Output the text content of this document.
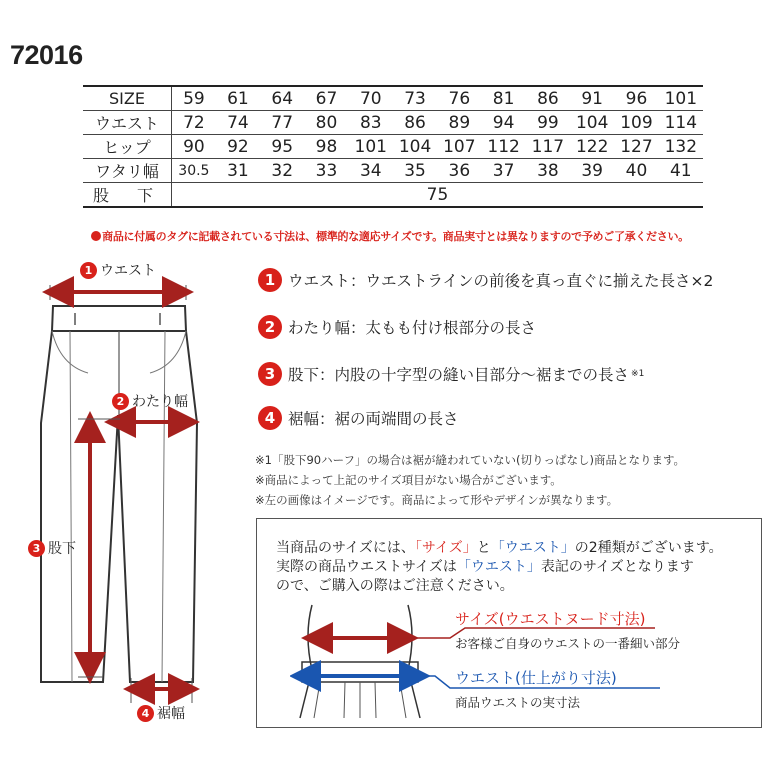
72016
SIZE	59	61	64	67	70	73	76	81	86	91	96	101
ウエスト	72	74	77	80	83	86	89	94	99	104	109	114
ヒップ	90	92	95	98	101	104	107	112	117	122	127	132
ワタリ幅	30.5	31	32	33	34	35	36	37	38	39	40	41
股　下	75											
商品に付属のタグに記載されている寸法は、標準的な適応サイズです。商品実寸とは異なりますので予めご了承ください。
1 ウエスト
2 わたり幅
3 股下
4 裾幅
1 ウエスト ：ウエストラインの前後を真っ直ぐに揃えた長さ×2
2 わたり幅 ：太もも付け根部分の長さ
3 股下 ：内股の十字型の縫い目部分～裾までの長さ ※1
4 裾幅 ：裾の両端間の長さ
※1「股下90ハーフ」の場合は裾が縫われていない(切りっぱなし)商品となります。
※商品によって上記のサイズ項目がない場合がございます。
※左の画像はイメージです。商品によって形やデザインが異なります。
当商品のサイズには、「サイズ」と「ウエスト」の2種類がございます。
実際の商品ウエストサイズは「ウエスト」表記のサイズとなります
ので、ご購入の際はご注意ください。
サイズ(ウエストヌード寸法)
お客様ご自身のウエストの一番細い部分
ウエスト(仕上がり寸法)
商品ウエストの実寸法
